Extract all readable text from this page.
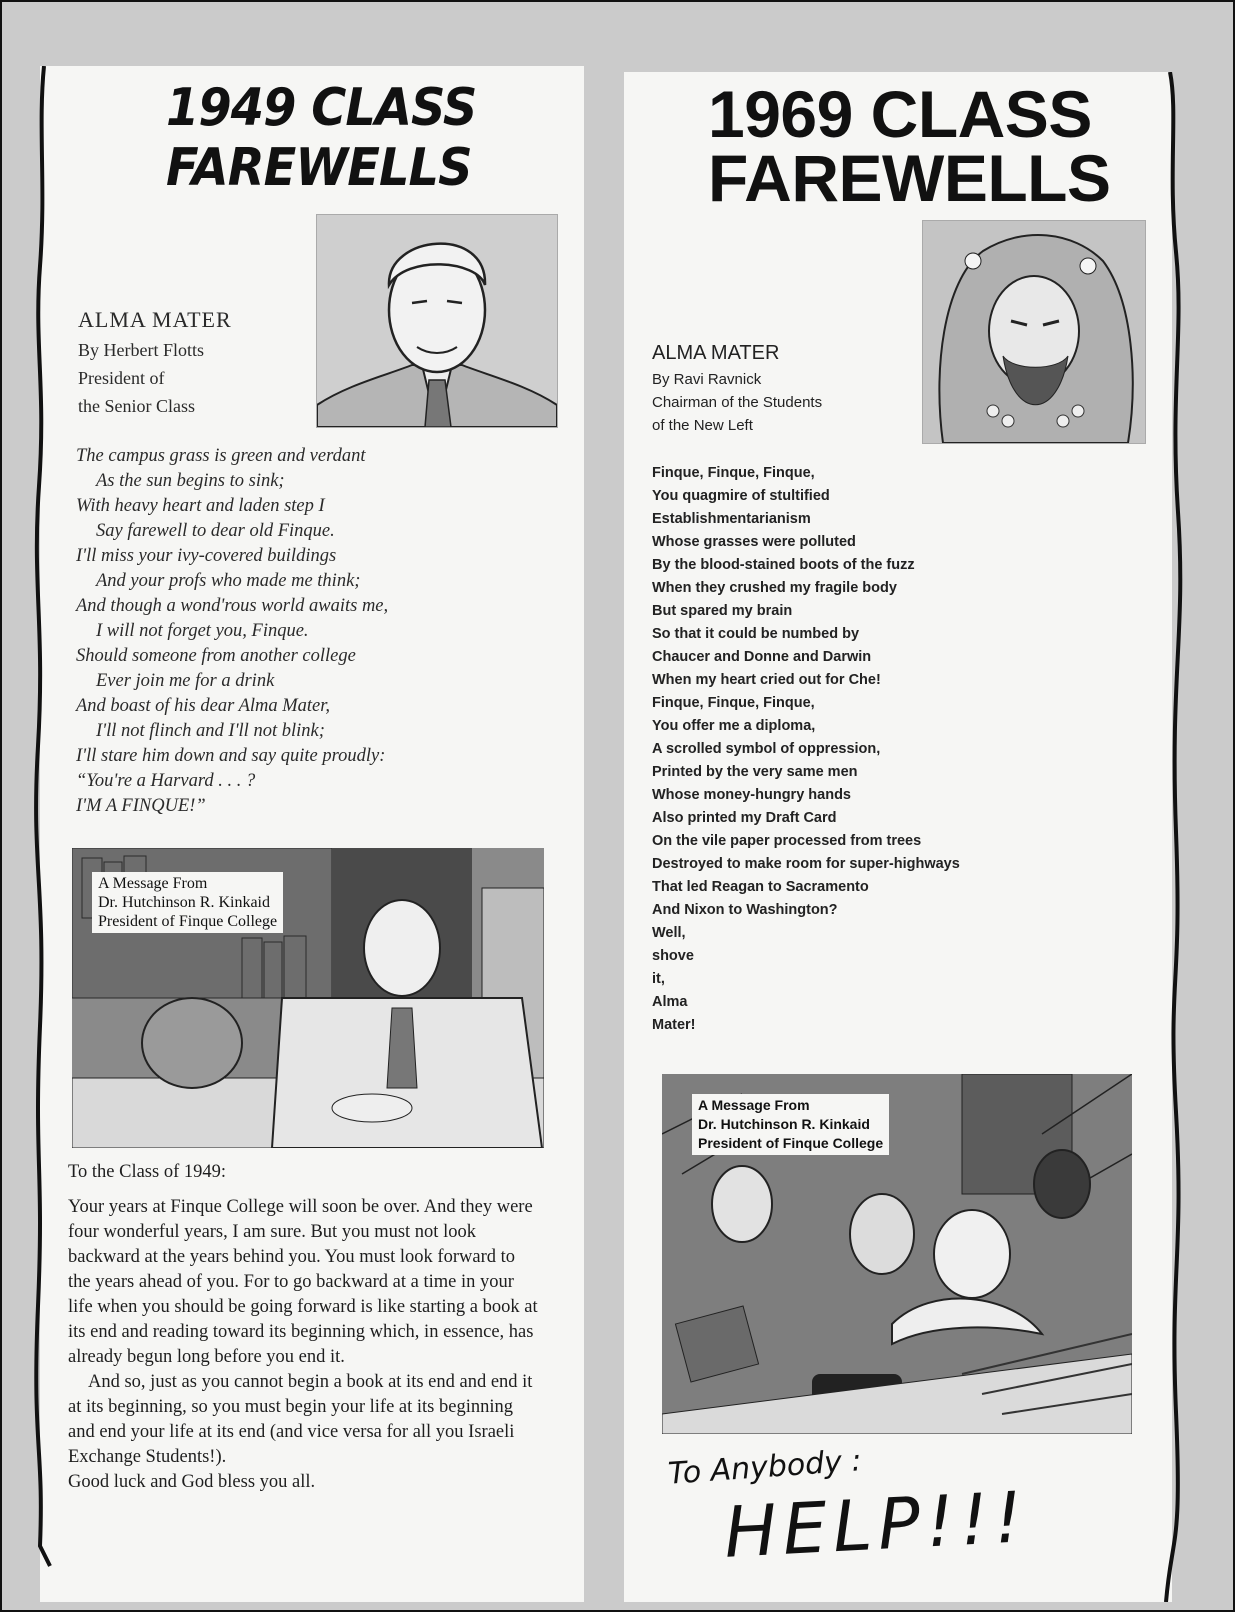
1949 CLASS
FAREWELLS
ALMA MATER
By Herbert Flotts
President of
the Senior Class
The campus grass is green and verdant
As the sun begins to sink;
With heavy heart and laden step I
Say farewell to dear old Finque.
I'll miss your ivy-covered buildings
And your profs who made me think;
And though a wond'rous world awaits me,
I will not forget you, Finque.
Should someone from another college
Ever join me for a drink
And boast of his dear Alma Mater,
I'll not flinch and I'll not blink;
I'll stare him down and say quite proudly:
“You're a Harvard . . . ?
I'M A FINQUE!”
A Message From
Dr. Hutchinson R. Kinkaid
President of Finque College
To the Class of 1949:

Your years at Finque College will soon be over. And they were four wonderful years, I am sure. But you must not look backward at the years behind you. You must look forward to the years ahead of you. For to go backward at a time in your life when you should be going forward is like starting a book at its end and reading toward its beginning which, in essence, has already begun long before you end it.

And so, just as you cannot begin a book at its end and end it at its beginning, so you must begin your life at its beginning and end your life at its end (and vice versa for all you Israeli Exchange Students!).

Good luck and God bless you all.

1969 CLASS
FAREWELLS
ALMA MATER
By Ravi Ravnick
Chairman of the Students
of the New Left
Finque, Finque, Finque,
You quagmire of stultified
Establishmentarianism
Whose grasses were polluted
By the blood-stained boots of the fuzz
When they crushed my fragile body
But spared my brain
So that it could be numbed by
Chaucer and Donne and Darwin
When my heart cried out for Che!
Finque, Finque, Finque,
You offer me a diploma,
A scrolled symbol of oppression,
Printed by the very same men
Whose money-hungry hands
Also printed my Draft Card
On the vile paper processed from trees
Destroyed to make room for super-highways
That led Reagan to Sacramento
And Nixon to Washington?
Well,
shove
it,
Alma
Mater!
A Message From
Dr. Hutchinson R. Kinkaid
President of Finque College
To Anybody :
HELP!!!
